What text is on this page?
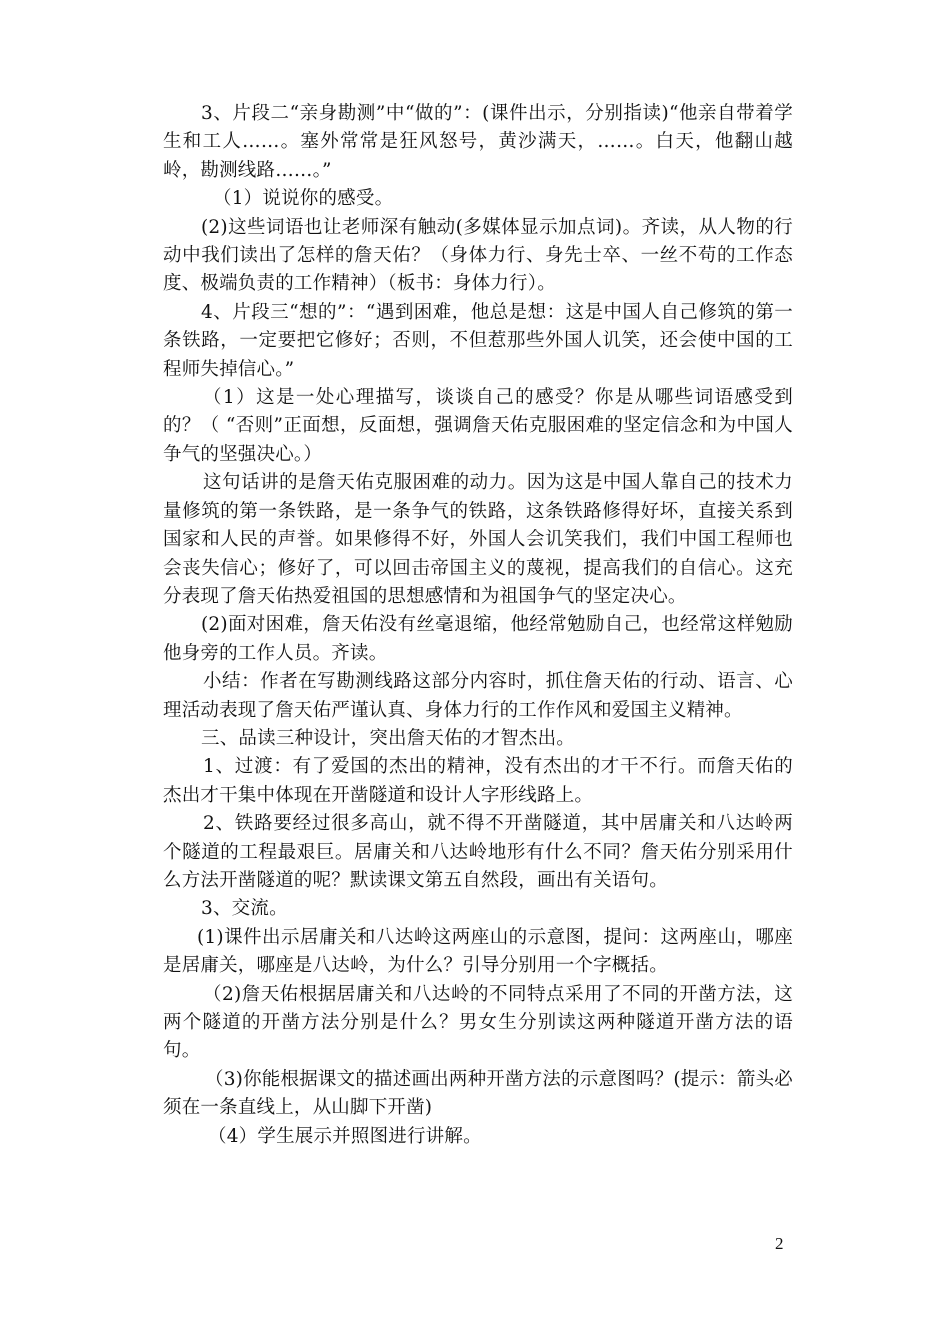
3、片段二“亲身勘测”中“做的”：(课件出示，分别指读)“他亲自带着学生和工人……。塞外常常是狂风怒号，黄沙满天，……。白天，他翻山越岭，勘测线路……。”

（1）说说你的感受。

(2)这些词语也让老师深有触动(多媒体显示加点词)。齐读，从人物的行动中我们读出了怎样的詹天佑？（身体力行、身先士卒、一丝不苟的工作态度、极端负责的工作精神）（板书：身体力行）。

4、片段三“想的”：“遇到困难，他总是想：这是中国人自己修筑的第一条铁路，一定要把它修好；否则，不但惹那些外国人讥笑，还会使中国的工程师失掉信心。”

（1）这是一处心理描写，谈谈自己的感受？你是从哪些词语感受到的？（ “否则”正面想，反面想，强调詹天佑克服困难的坚定信念和为中国人争气的坚强决心。）

这句话讲的是詹天佑克服困难的动力。因为这是中国人靠自己的技术力量修筑的第一条铁路，是一条争气的铁路，这条铁路修得好坏，直接关系到国家和人民的声誉。如果修得不好，外国人会讥笑我们，我们中国工程师也会丧失信心；修好了，可以回击帝国主义的蔑视，提高我们的自信心。这充分表现了詹天佑热爱祖国的思想感情和为祖国争气的坚定决心。

(2)面对困难，詹天佑没有丝毫退缩，他经常勉励自己，也经常这样勉励他身旁的工作人员。齐读。

小结：作者在写勘测线路这部分内容时，抓住詹天佑的行动、语言、心理活动表现了詹天佑严谨认真、身体力行的工作作风和爱国主义精神。

三、品读三种设计，突出詹天佑的才智杰出。

1、过渡：有了爱国的杰出的精神，没有杰出的才干不行。而詹天佑的杰出才干集中体现在开凿隧道和设计人字形线路上。

2、铁路要经过很多高山，就不得不开凿隧道，其中居庸关和八达岭两个隧道的工程最艰巨。居庸关和八达岭地形有什么不同？詹天佑分别采用什么方法开凿隧道的呢？默读课文第五自然段，画出有关语句。

3、交流。

(1)课件出示居庸关和八达岭这两座山的示意图，提问：这两座山，哪座是居庸关，哪座是八达岭，为什么？引导分别用一个字概括。

（2)詹天佑根据居庸关和八达岭的不同特点采用了不同的开凿方法，这两个隧道的开凿方法分别是什么？男女生分别读这两种隧道开凿方法的语句。

（3)你能根据课文的描述画出两种开凿方法的示意图吗？(提示：箭头必须在一条直线上，从山脚下开凿)

（4）学生展示并照图进行讲解。

2
